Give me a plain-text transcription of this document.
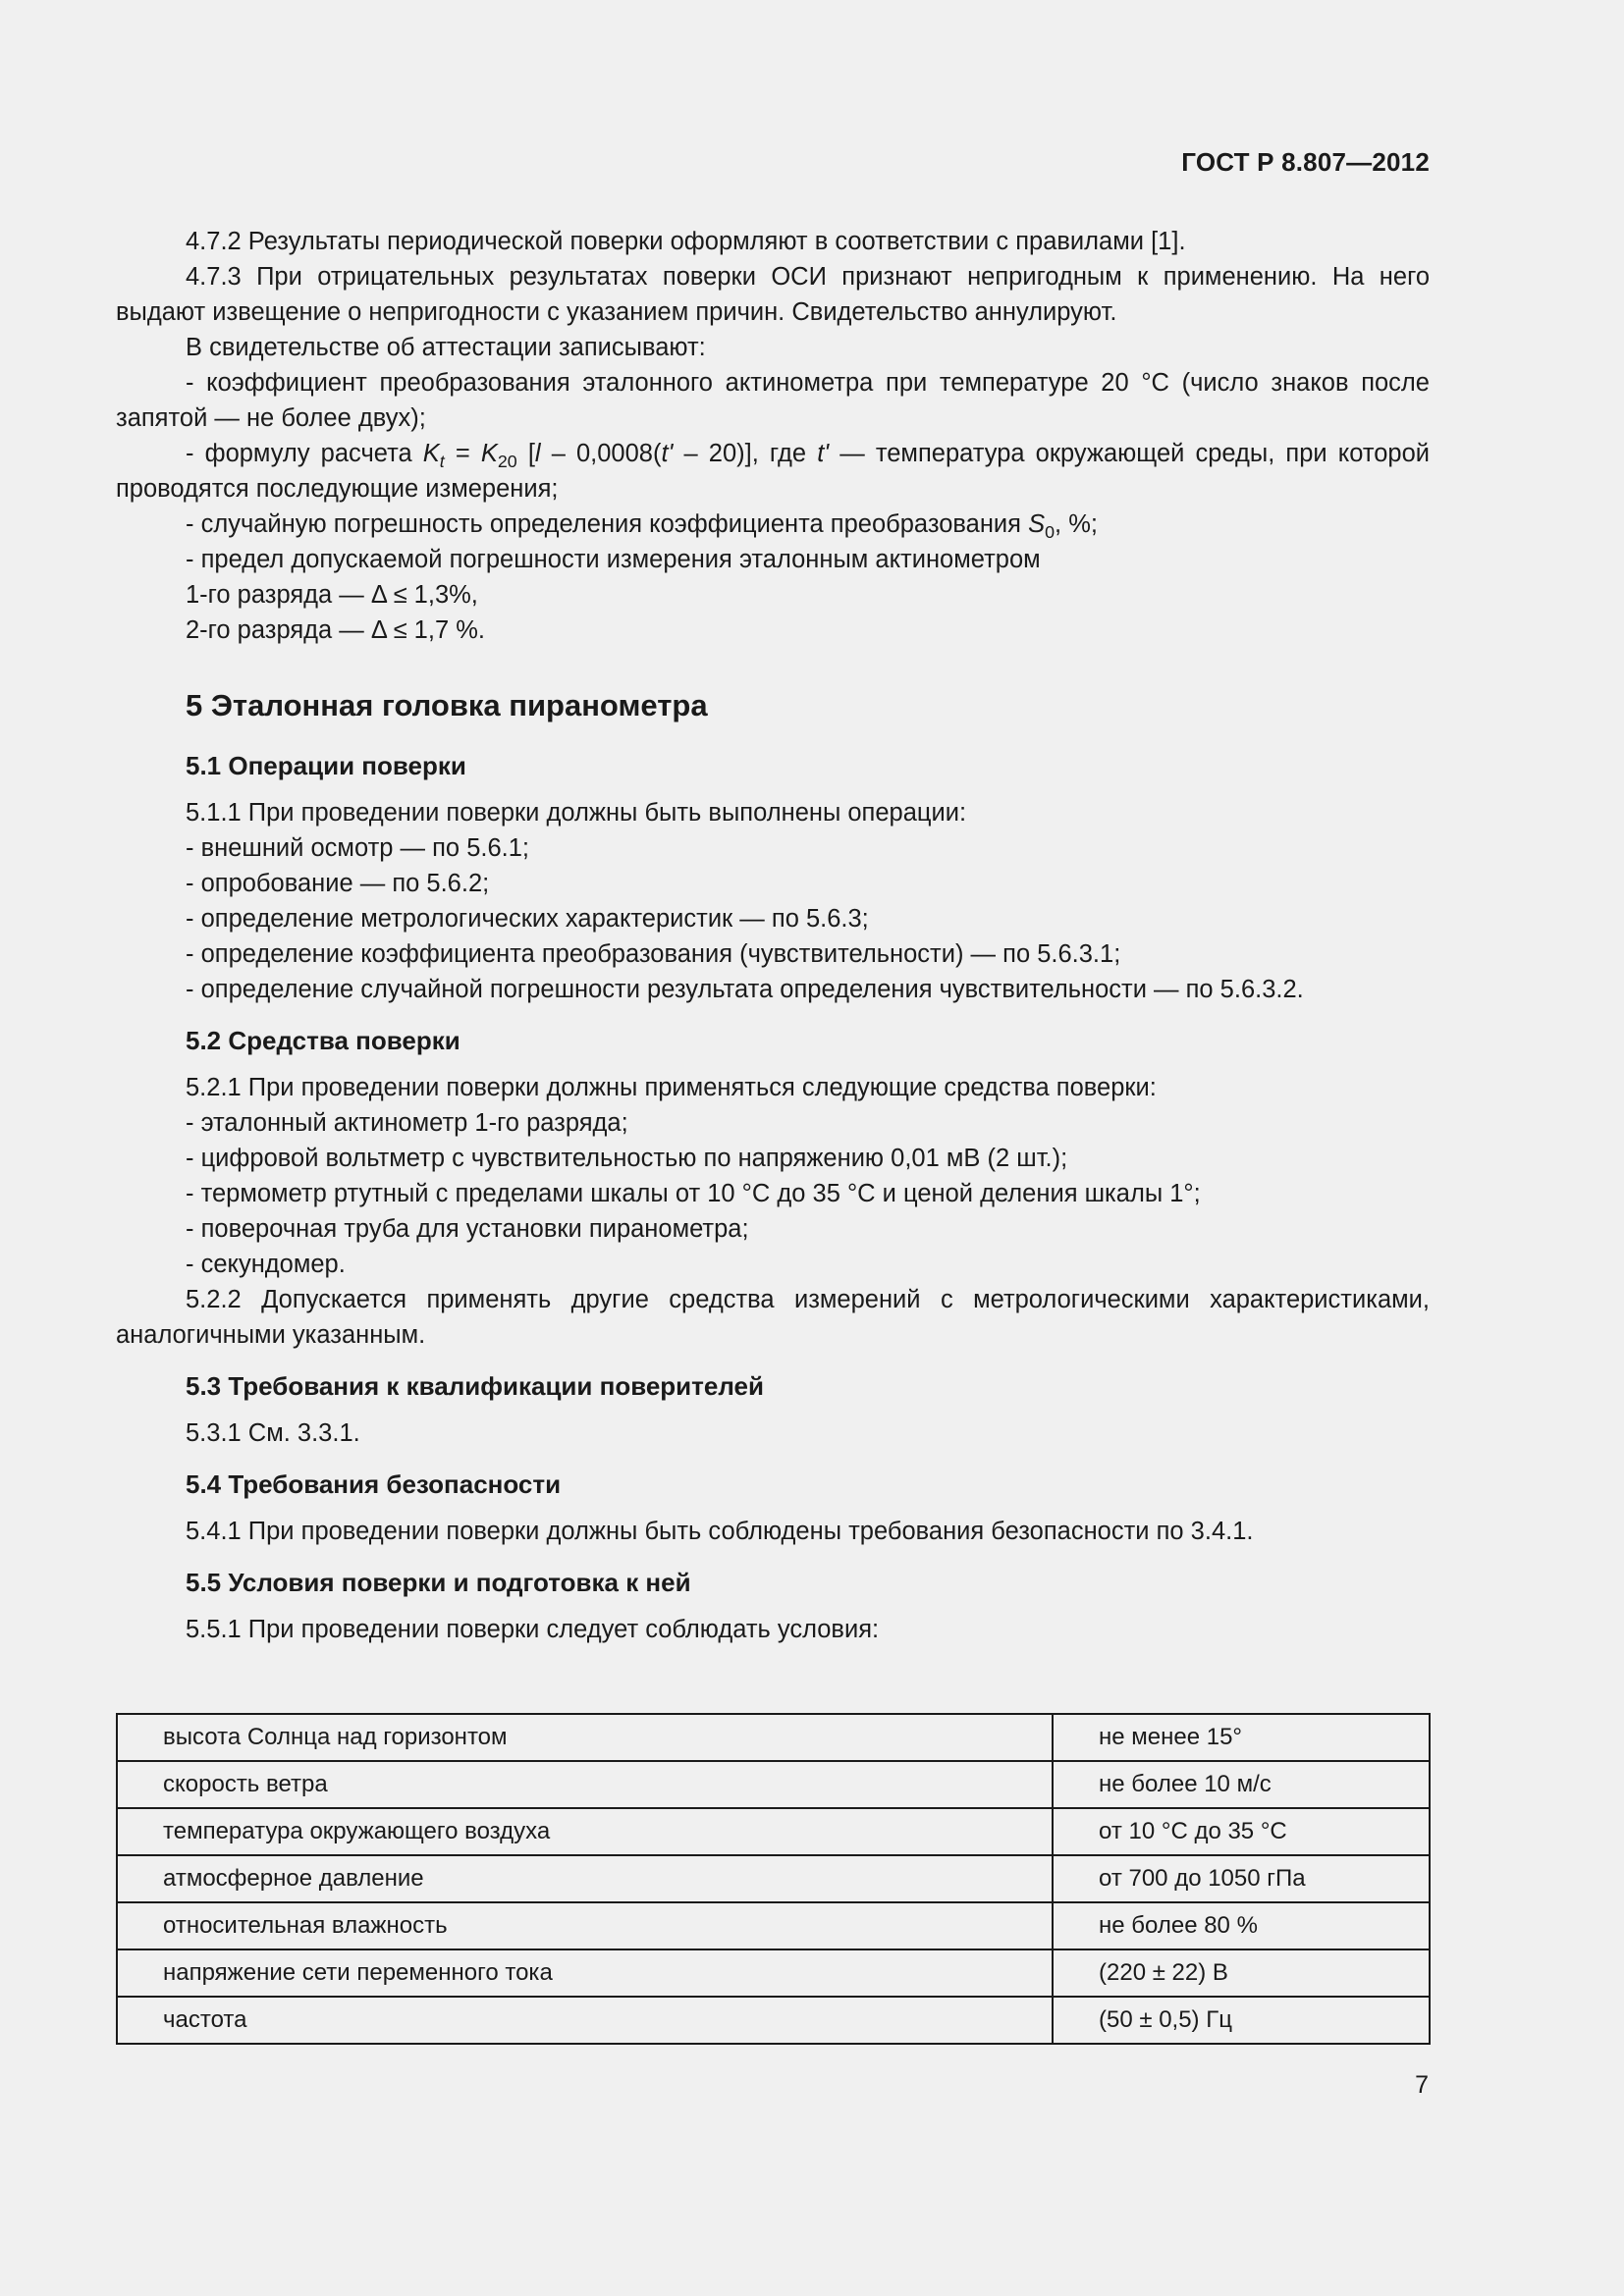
ГОСТ Р 8.807—2012

4.7.2 Результаты периодической поверки оформляют в соответствии с правилами [1].

4.7.3 При отрицательных результатах поверки ОСИ признают непригодным к применению. На него выдают извещение о непригодности с указанием причин. Свидетельство аннулируют.

В свидетельстве об аттестации записывают:

- коэффициент преобразования эталонного актинометра при температуре 20 °С (число знаков после запятой — не более двух);

- формулу расчета $K_t = K_{20}$ [l – 0,0008(t' – 20)], где t' — температура окружающей среды, при которой проводятся последующие измерения;

- случайную погрешность определения коэффициента преобразования $S_0$, %;

- предел допускаемой погрешности измерения эталонным актинометром

1-го разряда — Δ ≤ 1,3%,

2-го разряда — Δ ≤ 1,7 %.

5 Эталонная головка пиранометра
5.1 Операции поверки

5.1.1 При проведении поверки должны быть выполнены операции:

- внешний осмотр — по 5.6.1;

- опробование — по 5.6.2;

- определение метрологических характеристик — по 5.6.3;

- определение коэффициента преобразования (чувствительности) — по 5.6.3.1;

- определение случайной погрешности результата определения чувствительности — по 5.6.3.2.

5.2 Средства поверки

5.2.1 При проведении поверки должны применяться следующие средства поверки:

- эталонный актинометр 1-го разряда;

- цифровой вольтметр с чувствительностью по напряжению 0,01 мВ (2 шт.);

- термометр ртутный с пределами шкалы от 10 °С до 35 °С и ценой деления шкалы 1°;

- поверочная труба для установки пиранометра;

- секундомер.

5.2.2 Допускается применять другие средства измерений с метрологическими характеристиками, аналогичными указанным.

5.3 Требования к квалификации поверителей

5.3.1 См. 3.3.1.

5.4 Требования безопасности

5.4.1 При проведении поверки должны быть соблюдены требования безопасности по 3.4.1.

5.5 Условия поверки и подготовка к ней

5.5.1 При проведении поверки следует соблюдать условия:

высота Солнца над горизонтом	не менее 15°
скорость ветра	не более 10 м/с
температура окружающего воздуха	от 10 °С до 35 °С
атмосферное давление	от 700 до 1050 гПа
относительная влажность	не более 80 %
напряжение сети переменного тока	(220 ± 22) В
частота	(50 ± 0,5) Гц
7
